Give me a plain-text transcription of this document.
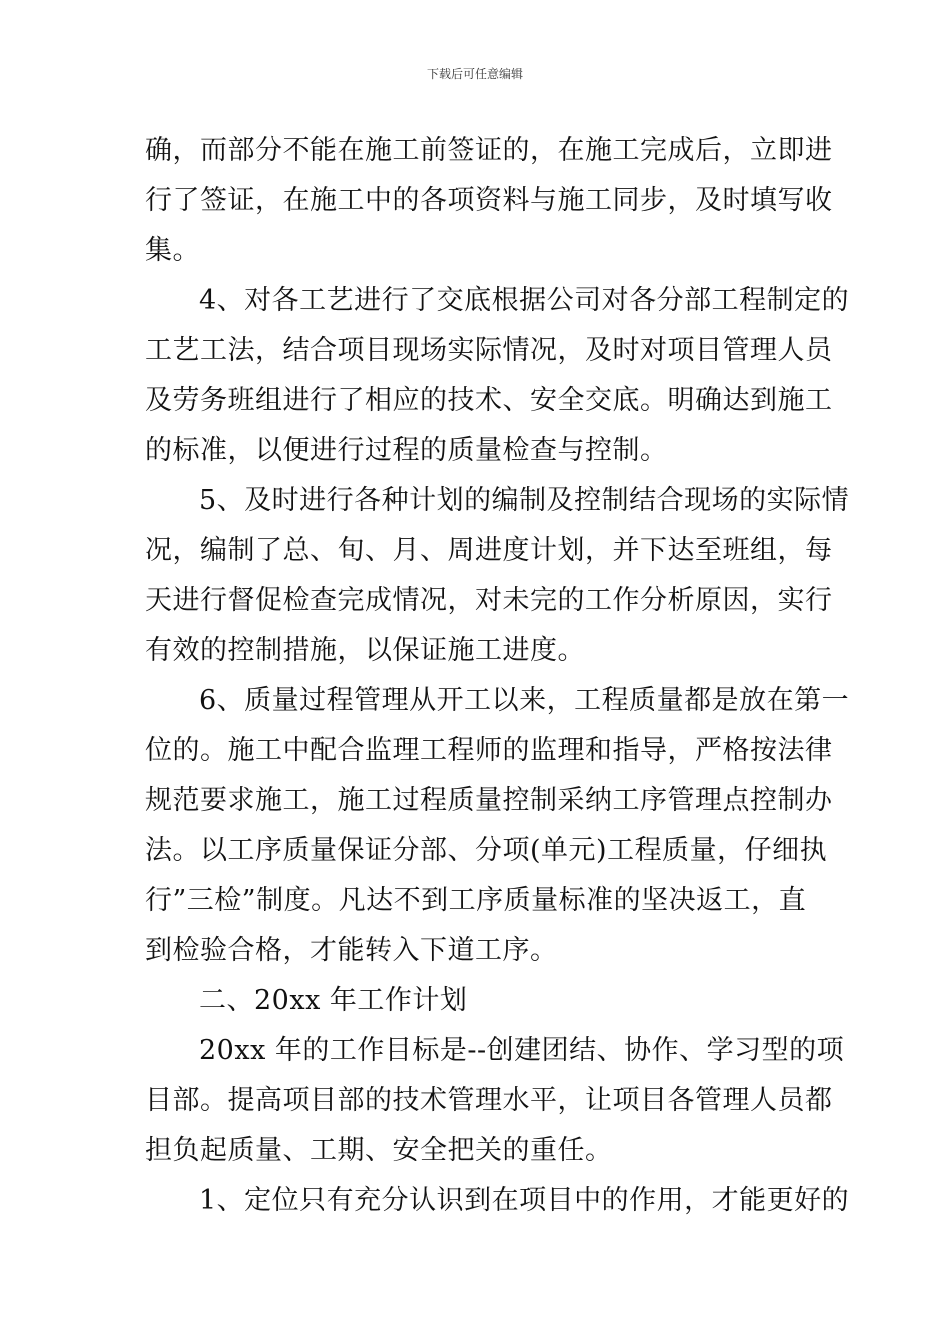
下载后可任意编辑
确，而部分不能在施工前签证的，在施工完成后，立即进
行了签证，在施工中的各项资料与施工同步，及时填写收
集。
4、对各工艺进行了交底根据公司对各分部工程制定的
工艺工法，结合项目现场实际情况，及时对项目管理人员
及劳务班组进行了相应的技术、安全交底。明确达到施工
的标准，以便进行过程的质量检查与控制。
5、及时进行各种计划的编制及控制结合现场的实际情
况，编制了总、旬、月、周进度计划，并下达至班组，每
天进行督促检查完成情况，对未完的工作分析原因，实行
有效的控制措施，以保证施工进度。
6、质量过程管理从开工以来，工程质量都是放在第一
位的。施工中配合监理工程师的监理和指导，严格按法律
规范要求施工，施工过程质量控制采纳工序管理点控制办
法。以工序质量保证分部、分项(单元)工程质量，仔细执
行”三检”制度。凡达不到工序质量标准的坚决返工，直
到检验合格，才能转入下道工序。
二、20xx 年工作计划
20xx 年的工作目标是--创建团结、协作、学习型的项
目部。提高项目部的技术管理水平，让项目各管理人员都
担负起质量、工期、安全把关的重任。
1、定位只有充分认识到在项目中的作用，才能更好的
